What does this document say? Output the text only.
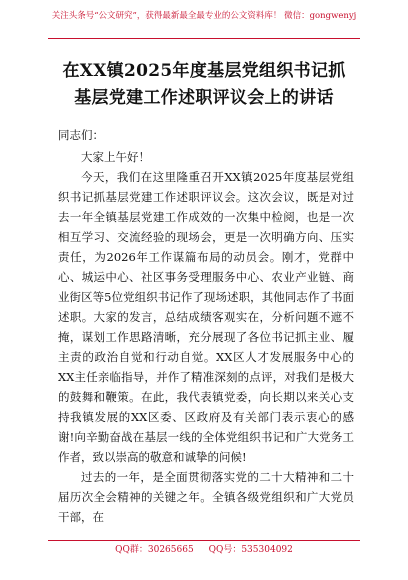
关注头条号“公文研究”，获得最新最全最专业的公文资料库！ 微信：gongwenyj
在XX镇2025年度基层党组织书记抓基层党建工作述职评议会上的讲话

同志们：

大家上午好！

今天，我们在这里隆重召开XX镇2025年度基层党组织书记抓基层党建工作述职评议会。这次会议，既是对过去一年全镇基层党建工作成效的一次集中检阅，也是一次相互学习、交流经验的现场会，更是一次明确方向、压实责任，为2026年工作谋篇布局的动员会。刚才，党群中心、城运中心、社区事务受理服务中心、农业产业链、商业街区等5位党组织书记作了现场述职，其他同志作了书面述职。大家的发言，总结成绩客观实在，分析问题不遮不掩，谋划工作思路清晰，充分展现了各位书记抓主业、履主责的政治自觉和行动自觉。XX区人才发展服务中心的XX主任亲临指导，并作了精准深刻的点评，对我们是极大的鼓舞和鞭策。在此，我代表镇党委，向长期以来关心支持我镇发展的XX区委、区政府及有关部门表示衷心的感谢!向辛勤奋战在基层一线的全体党组织书记和广大党务工作者，致以崇高的敬意和诚挚的问候!

过去的一年，是全面贯彻落实党的二十大精神和二十届历次全会精神的关键之年。全镇各级党组织和广大党员干部，在

QQ群：30265665 QQ号：535304092
